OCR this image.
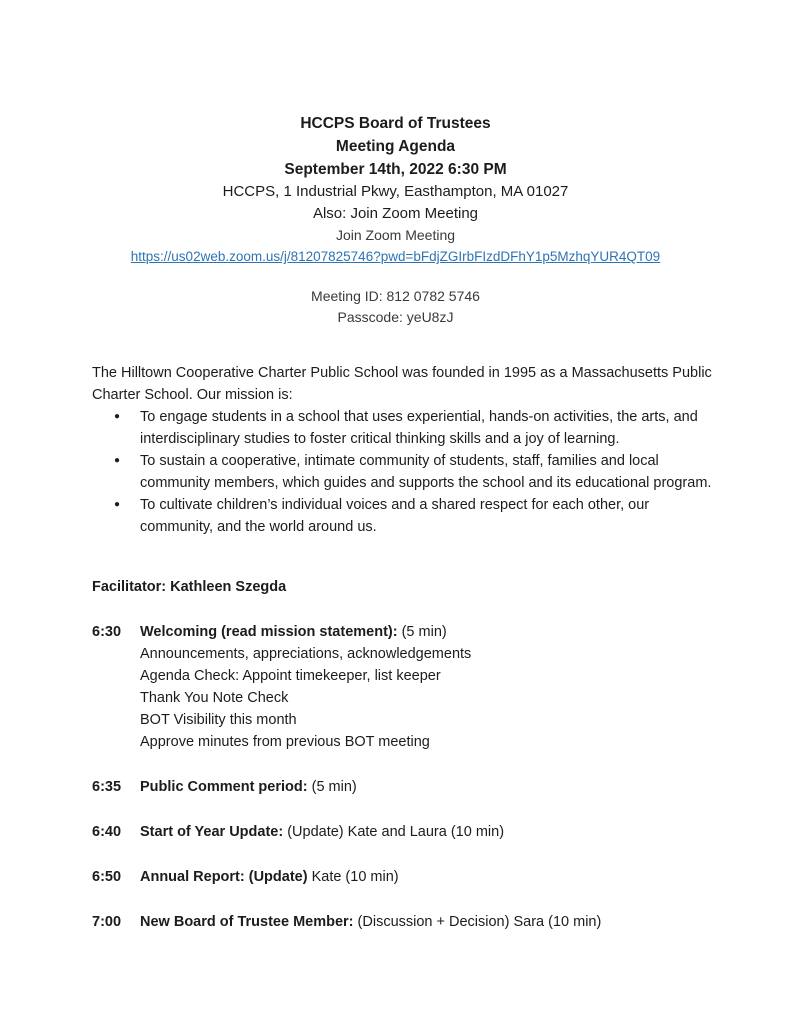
HCCPS Board of Trustees
Meeting Agenda
September 14th, 2022 6:30 PM
HCCPS, 1 Industrial Pkwy, Easthampton, MA 01027
Also: Join Zoom Meeting
Join Zoom Meeting
https://us02web.zoom.us/j/81207825746?pwd=bFdjZGIrbFIzdDFhY1p5MzhqYUR4QT09
Meeting ID: 812 0782 5746
Passcode: yeU8zJ

The Hilltown Cooperative Charter Public School was founded in 1995 as a Massachusetts Public Charter School. Our mission is:

● To engage students in a school that uses experiential, hands-on activities, the arts, and interdisciplinary studies to foster critical thinking skills and a joy of learning.
● To sustain a cooperative, intimate community of students, staff, families and local community members, which guides and supports the school and its educational program.
● To cultivate children’s individual voices and a shared respect for each other, our community, and the world around us.
Facilitator: Kathleen Szegda
6:30	Welcoming (read mission statement): (5 min)
Announcements, appreciations, acknowledgements
Agenda Check: Appoint timekeeper, list keeper
Thank You Note Check
BOT Visibility this month
Approve minutes from previous BOT meeting
6:35	Public Comment period: (5 min)
6:40	Start of Year Update: (Update) Kate and Laura (10 min)
6:50	Annual Report: (Update) Kate (10 min)
7:00	New Board of Trustee Member: (Discussion + Decision) Sara (10 min)
